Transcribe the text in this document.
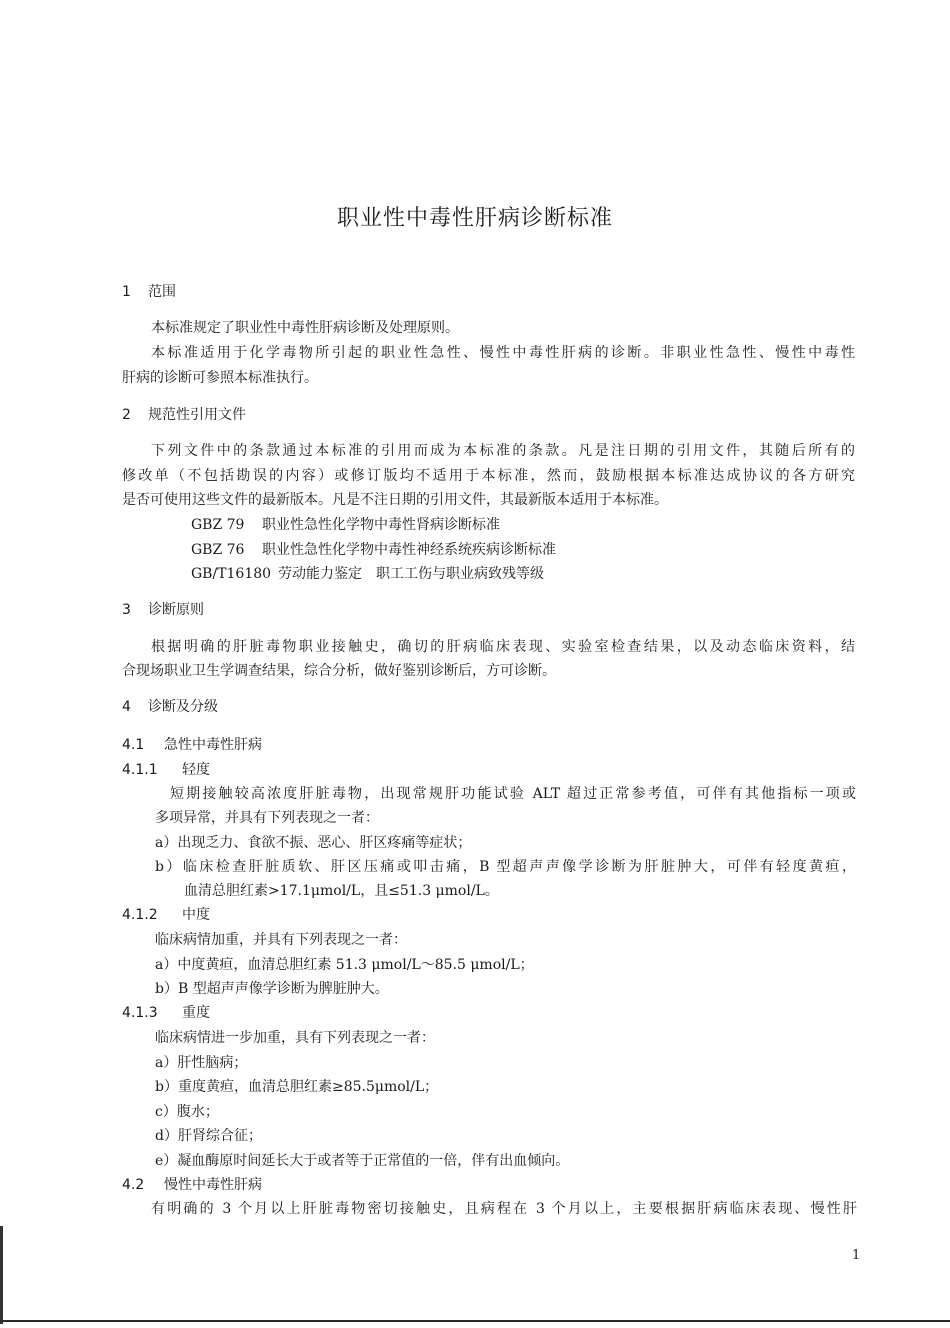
职业性中毒性肝病诊断标准
1 范围
本标准规定了职业性中毒性肝病诊断及处理原则。
本标准适用于化学毒物所引起的职业性急性、慢性中毒性肝病的诊断。非职业性急性、慢性中毒性
肝病的诊断可参照本标准执行。
2 规范性引用文件
下列文件中的条款通过本标准的引用而成为本标准的条款。凡是注日期的引用文件，其随后所有的
修改单（不包括勘误的内容）或修订版均不适用于本标准，然而，鼓励根据本标准达成协议的各方研究
是否可使用这些文件的最新版本。凡是不注日期的引用文件，其最新版本适用于本标准。
GBZ 79 职业性急性化学物中毒性肾病诊断标准
GBZ 76 职业性急性化学物中毒性神经系统疾病诊断标准
GB/T16180 劳动能力鉴定　职工工伤与职业病致残等级
3 诊断原则
根据明确的肝脏毒物职业接触史，确切的肝病临床表现、实验室检查结果，以及动态临床资料，结
合现场职业卫生学调查结果，综合分析，做好鉴别诊断后，方可诊断。
4 诊断及分级
4.1 急性中毒性肝病
4.1.1 轻度
短期接触较高浓度肝脏毒物，出现常规肝功能试验 ALT 超过正常参考值，可伴有其他指标一项或
多项异常，并具有下列表现之一者：
a）出现乏力、食欲不振、恶心、肝区疼痛等症状；
b）临床检查肝脏质软、肝区压痛或叩击痛，B 型超声声像学诊断为肝脏肿大，可伴有轻度黄疸，
血清总胆红素>17.1μmol/L，且≤51.3 μmol/L。
4.1.2 中度
临床病情加重，并具有下列表现之一者：
a）中度黄疸，血清总胆红素 51.3 μmol/L～85.5 μmol/L；
b）B 型超声声像学诊断为脾脏肿大。
4.1.3 重度
临床病情进一步加重，具有下列表现之一者：
a）肝性脑病；
b）重度黄疸，血清总胆红素≥85.5μmol/L；
c）腹水；
d）肝肾综合征；
e）凝血酶原时间延长大于或者等于正常值的一倍，伴有出血倾向。
4.2 慢性中毒性肝病
有明确的 3 个月以上肝脏毒物密切接触史，且病程在 3 个月以上，主要根据肝病临床表现、慢性肝
1
